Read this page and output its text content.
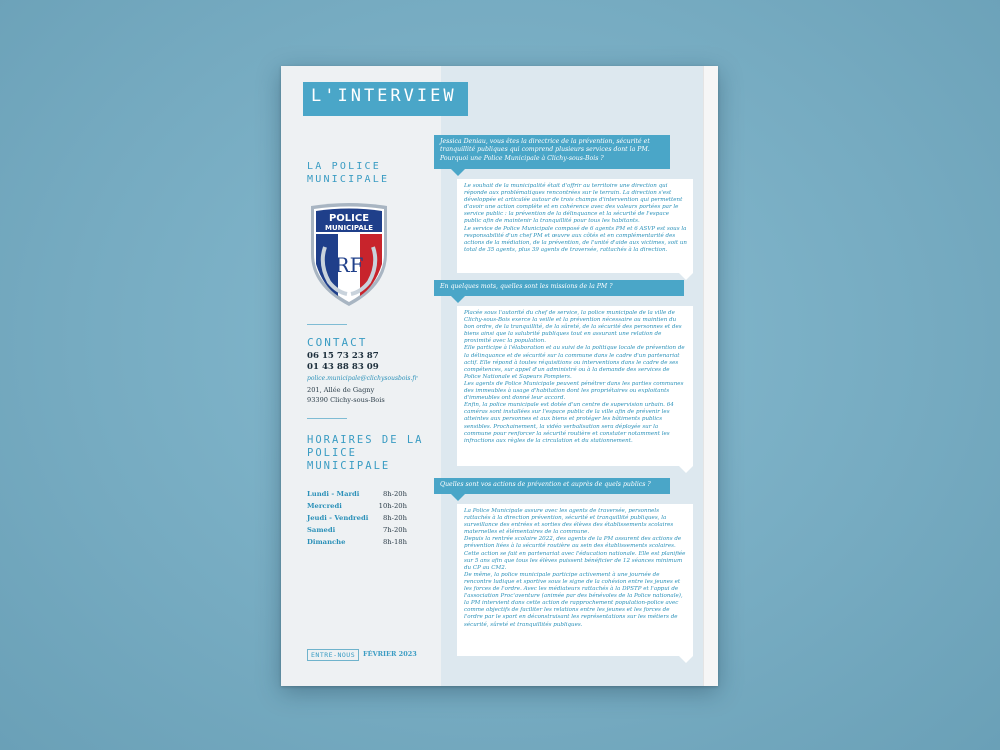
L'INTERVIEW
LA POLICE MUNICIPALE
POLICE
MUNICIPALE
RF
CONTACT
06 15 73 23 87
01 43 88 83 09
police.municipale@clichysousbois.fr
201, Allée de Gagny
93390 Clichy-sous-Bois
HORAIRES DE LA POLICE MUNICIPALE
Lundi - Mardi	8h-20h
Mercredi	10h-20h
Jeudi - Vendredi 8h-20h
Samedi	7h-20h
Dimanche	8h-18h
ENTRE-NOUS	FÉVRIER 2023
Jessica Deniau, vous êtes la directrice de la prévention, sécurité et tranquillité publiques qui comprend plusieurs services dont la PM. Pourquoi une Police Municipale à Clichy-sous-Bois ?

Le souhait de la municipalité était d'offrir au territoire une direction qui réponde aux problématiques rencontrées sur le terrain. La direction s'est développée et articulée autour de trois champs d'intervention qui permettent d'avoir une action complète et en cohérence avec des valeurs portées par le service public : la prévention de la délinquance et la sécurité de l'espace public afin de maintenir la tranquillité pour tous les habitants.
Le service de Police Municipale composé de 6 agents PM et 6 ASVP est sous la responsabilité d'un chef PM et œuvre aux côtés et en complémentarité des actions de la médiation, de la prévention, de l'unité d'aide aux victimes, soit un total de 35 agents, plus 39 agents de traversée, rattachés à la direction.

En quelques mots, quelles sont les missions de la PM ?

Placée sous l'autorité du chef de service, la police municipale de la ville de Clichy-sous-Bois exerce la veille et la prévention nécessaire au maintien du bon ordre, de la tranquillité, de la sûreté, de la sécurité des personnes et des biens ainsi que la salubrité publiques tout en assurant une relation de proximité avec la population.
Elle participe à l'élaboration et au suivi de la politique locale de prévention de la délinquance et de sécurité sur la commune dans le cadre d'un partenariat actif. Elle répond à toutes réquisitions ou interventions dans le cadre de ses compétences, sur appel d'un administré ou à la demande des services de Police Nationale et Sapeurs Pompiers.
Les agents de Police Municipale peuvent pénétrer dans les parties communes des immeubles à usage d'habitation dont les propriétaires ou exploitants d'immeubles ont donné leur accord.
Enfin, la police municipale est dotée d'un centre de supervision urbain. 64 caméras sont installées sur l'espace public de la ville afin de prévenir les atteintes aux personnes et aux biens et protéger les bâtiments publics sensibles. Prochainement, la vidéo verbalisation sera déployée sur la commune pour renforcer la sécurité routière et constater notamment les infractions aux règles de la circulation et du stationnement.

Quelles sont vos actions de prévention et auprès de quels publics ?

La Police Municipale assure avec les agents de traversée, personnels rattachés à la direction prévention, sécurité et tranquillité publiques, la surveillance des entrées et sorties des élèves des établissements scolaires maternelles et élémentaires de la commune.
Depuis la rentrée scolaire 2022, des agents de la PM assurent des actions de prévention liées à la sécurité routière au sein des établissements scolaires. Cette action se fait en partenariat avec l'éducation nationale. Elle est planifiée sur 5 ans afin que tous les élèves puissent bénéficier de 12 séances minimum du CP au CM2.
De même, la police municipale participe activement à une journée de rencontre ludique et sportive sous le signe de la cohésion entre les jeunes et les forces de l'ordre. Avec les médiateurs rattachés à la DPSTP et l'appui de l'association Proc'aventure (animée par des bénévoles de la Police nationale), la PM intervient dans cette action de rapprochement population-police avec comme objectifs de faciliter les relations entre les jeunes et les forces de l'ordre par le sport en déconstruisant les représentations sur les métiers de sécurité, sûreté et tranquillités publiques.
